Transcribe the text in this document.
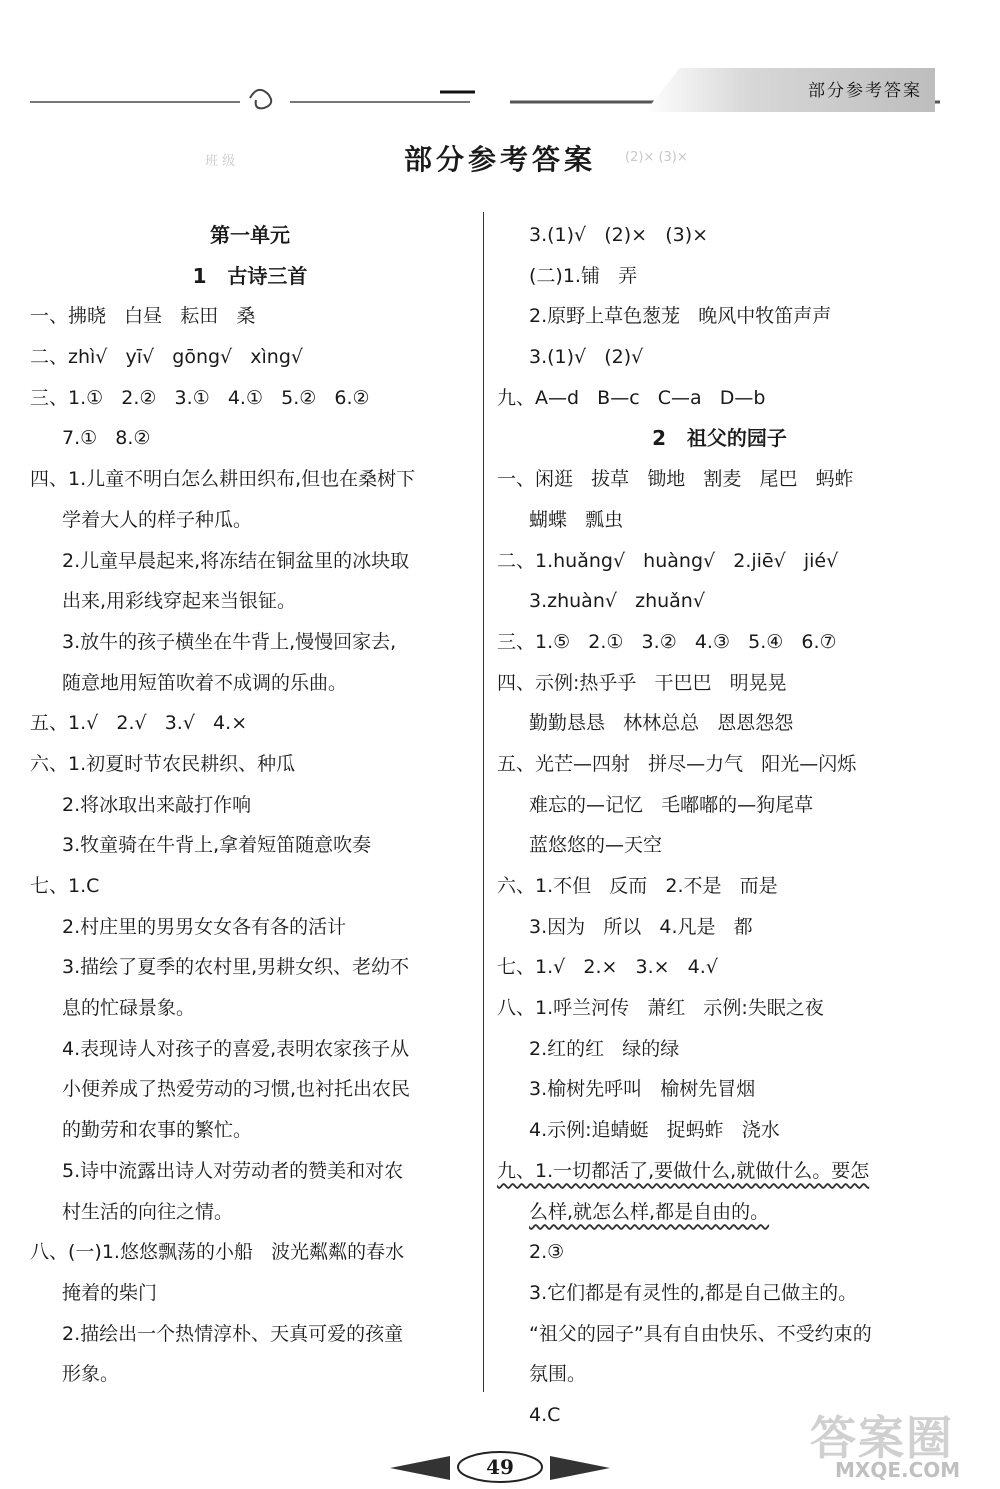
部分参考答案
班 级	(2)× (3)×
部分参考答案
第一单元
1   古诗三首
一、拂晓   白昼   耘田   桑
二、zhì√   yī√   gōng√   xìng√
三、1.①   2.②   3.①   4.①   5.②   6.②
7.①   8.②
四、1.儿童不明白怎么耕田织布,但也在桑树下
学着大人的样子种瓜。
2.儿童早晨起来,将冻结在铜盆里的冰块取
出来,用彩线穿起来当银钲。
3.放牛的孩子横坐在牛背上,慢慢回家去,
随意地用短笛吹着不成调的乐曲。
五、1.√   2.√   3.√   4.×
六、1.初夏时节农民耕织、种瓜
2.将冰取出来敲打作响
3.牧童骑在牛背上,拿着短笛随意吹奏
七、1.C
2.村庄里的男男女女各有各的活计
3.描绘了夏季的农村里,男耕女织、老幼不
息的忙碌景象。
4.表现诗人对孩子的喜爱,表明农家孩子从
小便养成了热爱劳动的习惯,也衬托出农民
的勤劳和农事的繁忙。
5.诗中流露出诗人对劳动者的赞美和对农
村生活的向往之情。
八、(一)1.悠悠飘荡的小船   波光粼粼的春水
掩着的柴门
2.描绘出一个热情淳朴、天真可爱的孩童
形象。
3.(1)√   (2)×   (3)×
(二)1.铺   弄
2.原野上草色葱茏   晚风中牧笛声声
3.(1)√   (2)√
九、A—d   B—c   C—a   D—b
2   祖父的园子
一、闲逛   拔草   锄地   割麦   尾巴   蚂蚱
蝴蝶   瓢虫
二、1.huǎng√   huàng√   2.jiē√   jié√
3.zhuàn√   zhuǎn√
三、1.⑤   2.①   3.②   4.③   5.④   6.⑦
四、示例:热乎乎   干巴巴   明晃晃
勤勤恳恳   林林总总   恩恩怨怨
五、光芒—四射   拼尽—力气   阳光—闪烁
难忘的—记忆   毛嘟嘟的—狗尾草
蓝悠悠的—天空
六、1.不但   反而   2.不是   而是
3.因为   所以   4.凡是   都
七、1.√   2.×   3.×   4.√
八、1.呼兰河传   萧红   示例:失眠之夜
2.红的红   绿的绿
3.榆树先呼叫   榆树先冒烟
4.示例:追蜻蜓   捉蚂蚱   浇水
九、1.一切都活了,要做什么,就做什么。要怎
么样,就怎么样,都是自由的。
2.③
3.它们都是有灵性的,都是自己做主的。
“祖父的园子”具有自由快乐、不受约束的
氛围。
4.C
49
答案圈
MXQE.COM
